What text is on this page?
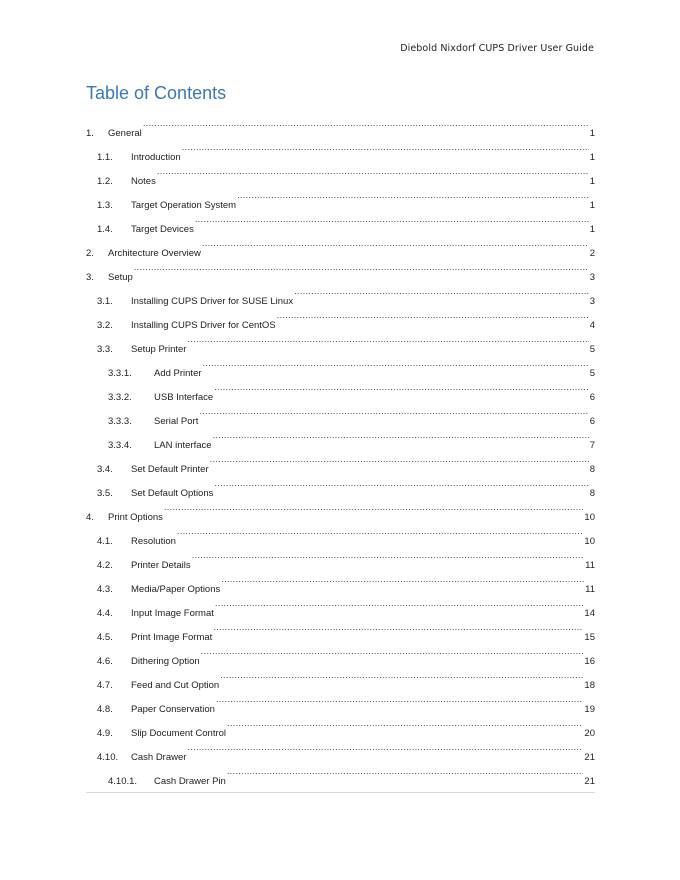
Diebold Nixdorf CUPS Driver User Guide
Table of Contents
1.	General .....	1
1.1.	Introduction .....	1
1.2.	Notes .....	1
1.3.	Target Operation System .....	1
1.4.	Target Devices .....	1
2.	Architecture Overview .....	2
3.	Setup .....	3
3.1.	Installing CUPS Driver for SUSE Linux .....	3
3.2.	Installing CUPS Driver for CentOS .....	4
3.3.	Setup Printer .....	5
3.3.1.	Add Printer .....	5
3.3.2.	USB Interface .....	6
3.3.3.	Serial Port .....	6
3.3.4.	LAN interface .....	7
3.4.	Set Default Printer .....	8
3.5.	Set Default Options .....	8
4.	Print Options .....	10
4.1.	Resolution .....	10
4.2.	Printer Details .....	11
4.3.	Media/Paper Options .....	11
4.4.	Input Image Format .....	14
4.5.	Print Image Format .....	15
4.6.	Dithering Option .....	16
4.7.	Feed and Cut Option .....	18
4.8.	Paper Conservation .....	19
4.9.	Slip Document Control .....	20
4.10.	Cash Drawer .....	21
4.10.1.	Cash Drawer Pin .....	21
